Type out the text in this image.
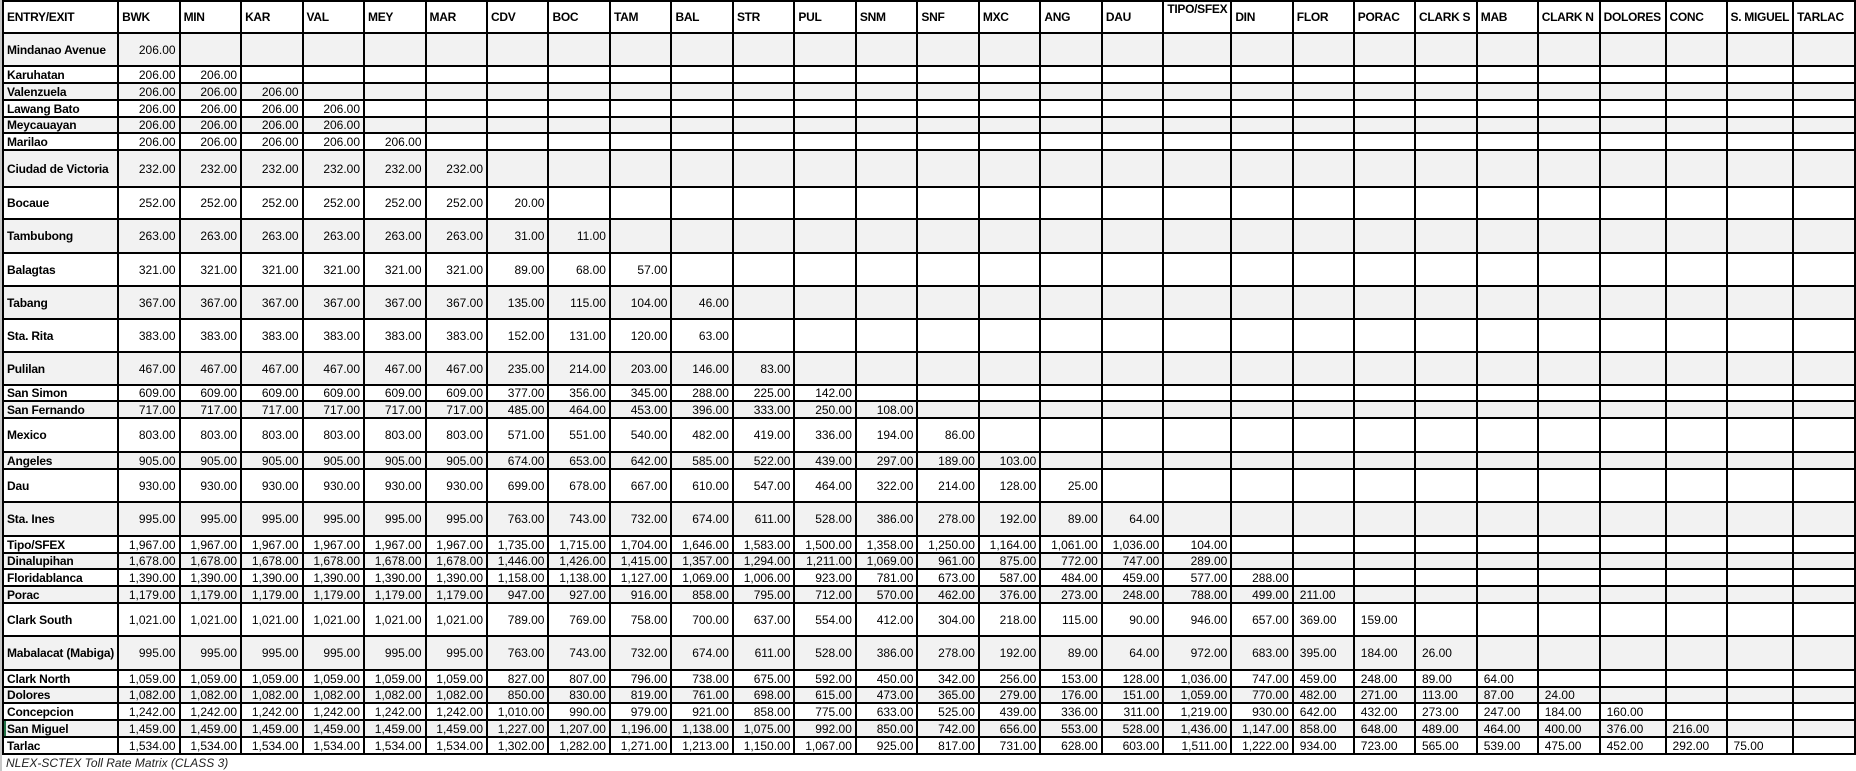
ENTRY/EXIT	BWK	MIN	KAR	VAL	MEY	MAR	CDV	BOC	TAM	BAL	STR	PUL	SNM	SNF	MXC	ANG	DAU	TIPO/SFEX	DIN	FLOR	PORAC	CLARK S	MAB	CLARK N	DOLORES	CONC	S. MIGUEL	TARLAC
Mindanao Avenue	206.00																											
Karuhatan	206.00	206.00																										
Valenzuela	206.00	206.00	206.00																									
Lawang Bato	206.00	206.00	206.00	206.00																								
Meycauayan	206.00	206.00	206.00	206.00																								
Marilao	206.00	206.00	206.00	206.00	206.00																							
Ciudad de Victoria	232.00	232.00	232.00	232.00	232.00	232.00																						
Bocaue	252.00	252.00	252.00	252.00	252.00	252.00	20.00																					
Tambubong	263.00	263.00	263.00	263.00	263.00	263.00	31.00	11.00																				
Balagtas	321.00	321.00	321.00	321.00	321.00	321.00	89.00	68.00	57.00																			
Tabang	367.00	367.00	367.00	367.00	367.00	367.00	135.00	115.00	104.00	46.00																		
Sta. Rita	383.00	383.00	383.00	383.00	383.00	383.00	152.00	131.00	120.00	63.00																		
Pulilan	467.00	467.00	467.00	467.00	467.00	467.00	235.00	214.00	203.00	146.00	83.00																	
San Simon	609.00	609.00	609.00	609.00	609.00	609.00	377.00	356.00	345.00	288.00	225.00	142.00																
San Fernando	717.00	717.00	717.00	717.00	717.00	717.00	485.00	464.00	453.00	396.00	333.00	250.00	108.00															
Mexico	803.00	803.00	803.00	803.00	803.00	803.00	571.00	551.00	540.00	482.00	419.00	336.00	194.00	86.00														
Angeles	905.00	905.00	905.00	905.00	905.00	905.00	674.00	653.00	642.00	585.00	522.00	439.00	297.00	189.00	103.00													
Dau	930.00	930.00	930.00	930.00	930.00	930.00	699.00	678.00	667.00	610.00	547.00	464.00	322.00	214.00	128.00	25.00												
Sta. Ines	995.00	995.00	995.00	995.00	995.00	995.00	763.00	743.00	732.00	674.00	611.00	528.00	386.00	278.00	192.00	89.00	64.00											
Tipo/SFEX	1,967.00	1,967.00	1,967.00	1,967.00	1,967.00	1,967.00	1,735.00	1,715.00	1,704.00	1,646.00	1,583.00	1,500.00	1,358.00	1,250.00	1,164.00	1,061.00	1,036.00	104.00										
Dinalupihan	1,678.00	1,678.00	1,678.00	1,678.00	1,678.00	1,678.00	1,446.00	1,426.00	1,415.00	1,357.00	1,294.00	1,211.00	1,069.00	961.00	875.00	772.00	747.00	289.00										
Floridablanca	1,390.00	1,390.00	1,390.00	1,390.00	1,390.00	1,390.00	1,158.00	1,138.00	1,127.00	1,069.00	1,006.00	923.00	781.00	673.00	587.00	484.00	459.00	577.00	288.00									
Porac	1,179.00	1,179.00	1,179.00	1,179.00	1,179.00	1,179.00	947.00	927.00	916.00	858.00	795.00	712.00	570.00	462.00	376.00	273.00	248.00	788.00	499.00	211.00								
Clark South	1,021.00	1,021.00	1,021.00	1,021.00	1,021.00	1,021.00	789.00	769.00	758.00	700.00	637.00	554.00	412.00	304.00	218.00	115.00	90.00	946.00	657.00	369.00	159.00							
Mabalacat (Mabiga)	995.00	995.00	995.00	995.00	995.00	995.00	763.00	743.00	732.00	674.00	611.00	528.00	386.00	278.00	192.00	89.00	64.00	972.00	683.00	395.00	184.00	26.00						
Clark North	1,059.00	1,059.00	1,059.00	1,059.00	1,059.00	1,059.00	827.00	807.00	796.00	738.00	675.00	592.00	450.00	342.00	256.00	153.00	128.00	1,036.00	747.00	459.00	248.00	89.00	64.00					
Dolores	1,082.00	1,082.00	1,082.00	1,082.00	1,082.00	1,082.00	850.00	830.00	819.00	761.00	698.00	615.00	473.00	365.00	279.00	176.00	151.00	1,059.00	770.00	482.00	271.00	113.00	87.00	24.00				
Concepcion	1,242.00	1,242.00	1,242.00	1,242.00	1,242.00	1,242.00	1,010.00	990.00	979.00	921.00	858.00	775.00	633.00	525.00	439.00	336.00	311.00	1,219.00	930.00	642.00	432.00	273.00	247.00	184.00	160.00			
San Miguel	1,459.00	1,459.00	1,459.00	1,459.00	1,459.00	1,459.00	1,227.00	1,207.00	1,196.00	1,138.00	1,075.00	992.00	850.00	742.00	656.00	553.00	528.00	1,436.00	1,147.00	858.00	648.00	489.00	464.00	400.00	376.00	216.00		
Tarlac	1,534.00	1,534.00	1,534.00	1,534.00	1,534.00	1,534.00	1,302.00	1,282.00	1,271.00	1,213.00	1,150.00	1,067.00	925.00	817.00	731.00	628.00	603.00	1,511.00	1,222.00	934.00	723.00	565.00	539.00	475.00	452.00	292.00	75.00	
NLEX-SCTEX Toll Rate Matrix (CLASS 3)
